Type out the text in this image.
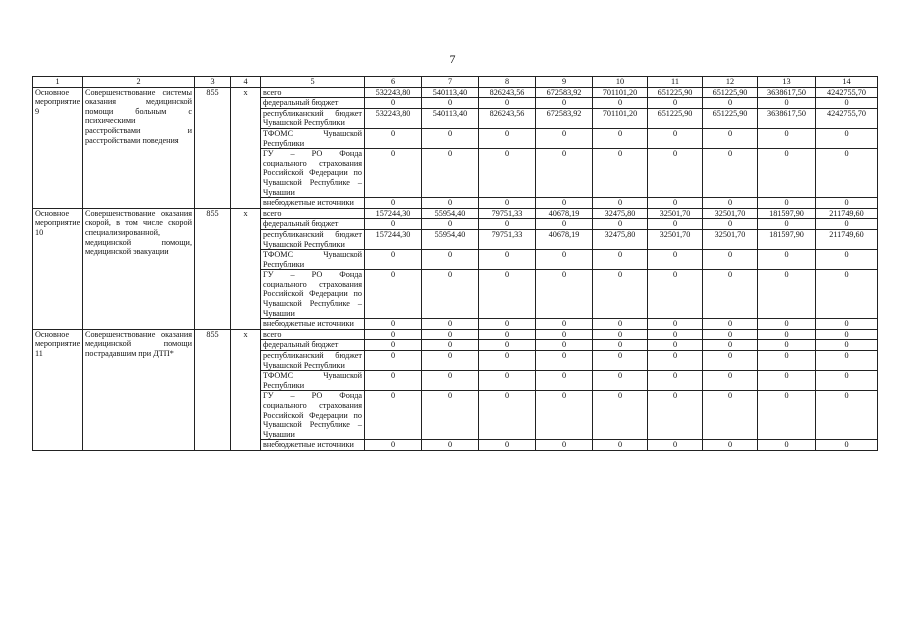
7
1	2	3	4	5	6	7	8	9	10	11	12	13	14
Основное мероприятие 9	Совершенствование системы оказания медицинской помощи больным с психическими расстройствами и расстройствами поведения	855	х	всего	532243,80	540113,40	826243,56	672583,92	701101,20	651225,90	651225,90	3638617,50	4242755,70
				федеральный бюджет	0	0	0	0	0	0	0	0	0
				республиканский бюджет Чувашской Республики	532243,80	540113,40	826243,56	672583,92	701101,20	651225,90	651225,90	3638617,50	4242755,70
				ТФОМС Чувашской Республики	0	0	0	0	0	0	0	0	0
				ГУ – РО Фонда социального страхования Российской Федерации по Чувашской Республике – Чувашии	0	0	0	0	0	0	0	0	0
				внебюджетные источники	0	0	0	0	0	0	0	0	0
Основное мероприятие 10	Совершенствование оказания скорой, в том числе скорой специализированной, медицинской помощи, медицинской эвакуации	855	х	всего	157244,30	55954,40	79751,33	40678,19	32475,80	32501,70	32501,70	181597,90	211749,60
				федеральный бюджет	0	0	0	0	0	0	0	0	0
				республиканский бюджет Чувашской Республики	157244,30	55954,40	79751,33	40678,19	32475,80	32501,70	32501,70	181597,90	211749,60
				ТФОМС Чувашской Республики	0	0	0	0	0	0	0	0	0
				ГУ – РО Фонда социального страхования Российской Федерации по Чувашской Республике – Чувашии	0	0	0	0	0	0	0	0	0
				внебюджетные источники	0	0	0	0	0	0	0	0	0
Основное мероприятие 11	Совершенствование оказания медицинской помощи пострадавшим при ДТП*	855	х	всего	0	0	0	0	0	0	0	0	0
				федеральный бюджет	0	0	0	0	0	0	0	0	0
				республиканский бюджет Чувашской Республики	0	0	0	0	0	0	0	0	0
				ТФОМС Чувашской Республики	0	0	0	0	0	0	0	0	0
				ГУ – РО Фонда социального страхования Российской Федерации по Чувашской Республике – Чувашии	0	0	0	0	0	0	0	0	0
				внебюджетные источники	0	0	0	0	0	0	0	0	0
